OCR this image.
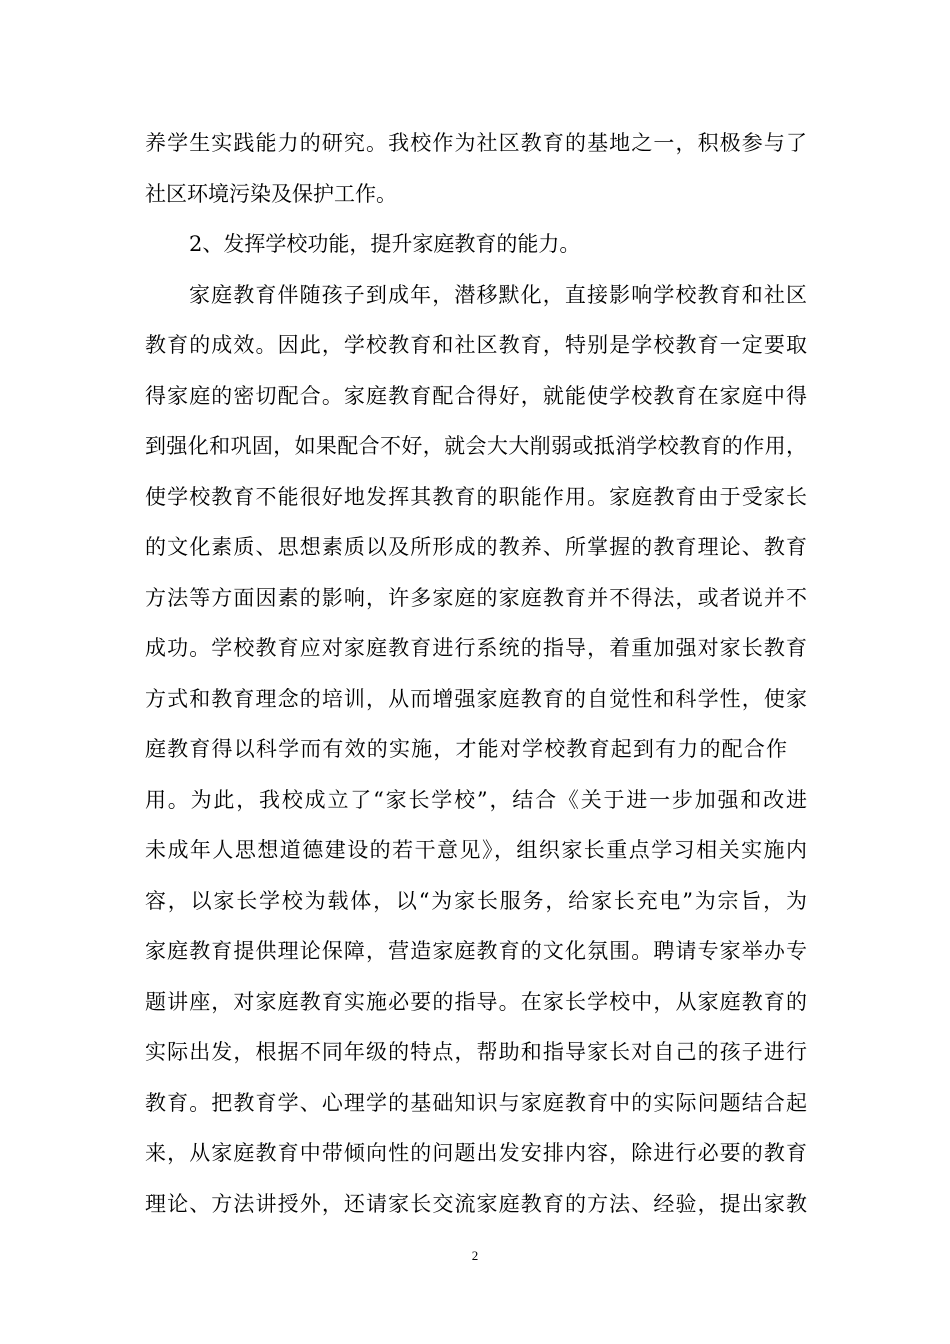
养学生实践能力的研究。我校作为社区教育的基地之一，积极参与了
社区环境污染及保护工作。
2、发挥学校功能，提升家庭教育的能力。
家庭教育伴随孩子到成年，潜移默化，直接影响学校教育和社区
教育的成效。因此，学校教育和社区教育，特别是学校教育一定要取
得家庭的密切配合。家庭教育配合得好，就能使学校教育在家庭中得
到强化和巩固，如果配合不好，就会大大削弱或抵消学校教育的作用，
使学校教育不能很好地发挥其教育的职能作用。家庭教育由于受家长
的文化素质、思想素质以及所形成的教养、所掌握的教育理论、教育
方法等方面因素的影响，许多家庭的家庭教育并不得法，或者说并不
成功。学校教育应对家庭教育进行系统的指导，着重加强对家长教育
方式和教育理念的培训，从而增强家庭教育的自觉性和科学性，使家
庭教育得以科学而有效的实施，才能对学校教育起到有力的配合作
用。为此，我校成立了“家长学校”，结合《关于进一步加强和改进
未成年人思想道德建设的若干意见》，组织家长重点学习相关实施内
容，以家长学校为载体，以“为家长服务，给家长充电”为宗旨，为
家庭教育提供理论保障，营造家庭教育的文化氛围。聘请专家举办专
题讲座，对家庭教育实施必要的指导。在家长学校中，从家庭教育的
实际出发，根据不同年级的特点，帮助和指导家长对自己的孩子进行
教育。把教育学、心理学的基础知识与家庭教育中的实际问题结合起
来，从家庭教育中带倾向性的问题出发安排内容，除进行必要的教育
理论、方法讲授外，还请家长交流家庭教育的方法、经验，提出家教
2
